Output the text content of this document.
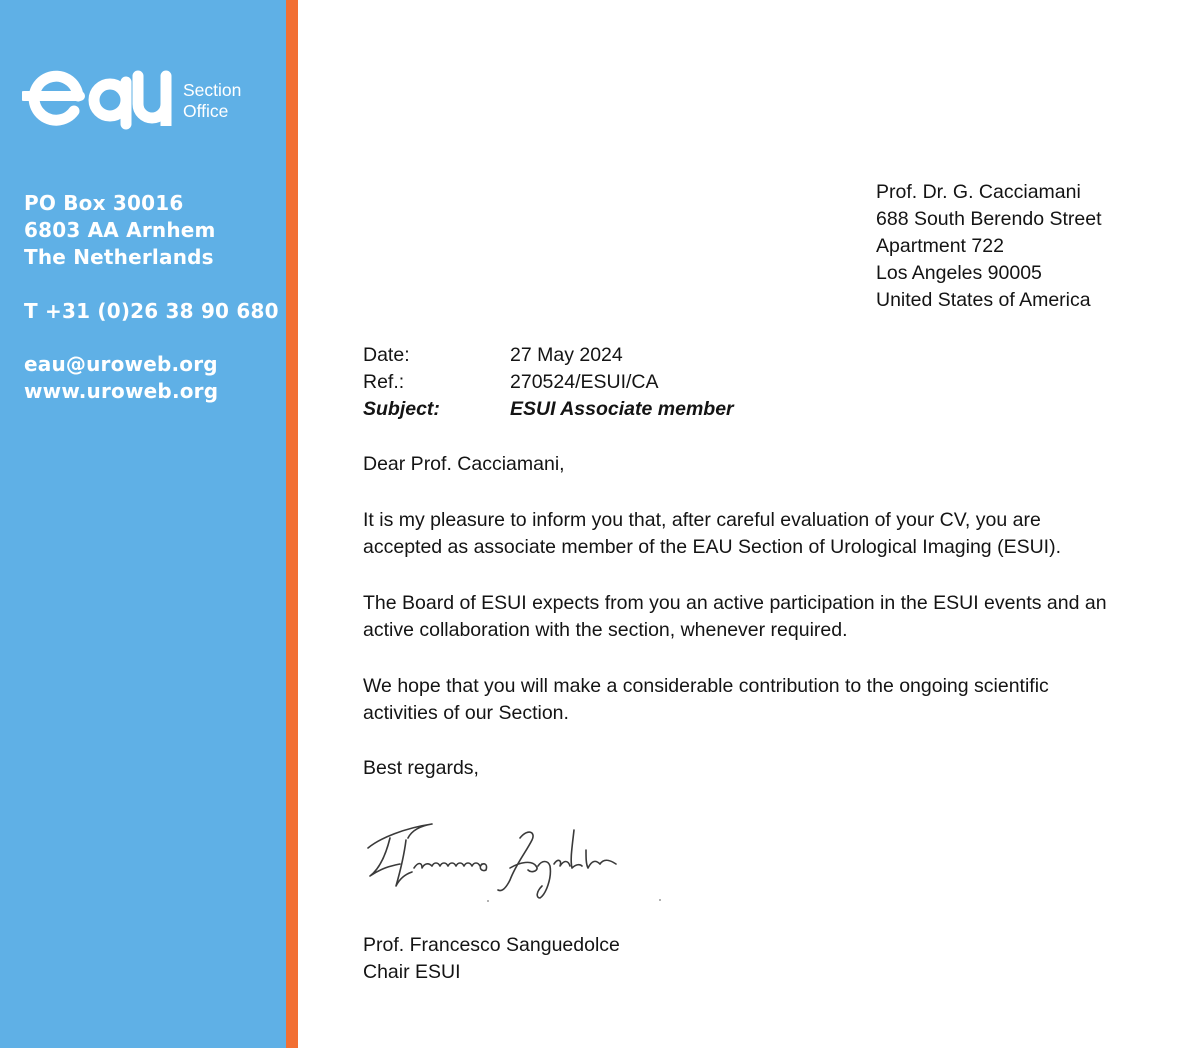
Section
Office
PO Box 30016
6803 AA Arnhem
The Netherlands
T +31 (0)26 38 90 680
eau@uroweb.org
www.uroweb.org
Prof. Dr. G. Cacciamani
688 South Berendo Street
Apartment 722
Los Angeles 90005
United States of America
Date:	27 May 2024
Ref.:	270524/ESUI/CA
Subject:	ESUI Associate member
Dear Prof. Cacciamani,
It is my pleasure to inform you that, after careful evaluation of your CV, you are
accepted as associate member of the EAU Section of Urological Imaging (ESUI).
The Board of ESUI expects from you an active participation in the ESUI events and an
active collaboration with the section, whenever required.
We hope that you will make a considerable contribution to the ongoing scientific
activities of our Section.
Best regards,
Prof. Francesco Sanguedolce
Chair ESUI
